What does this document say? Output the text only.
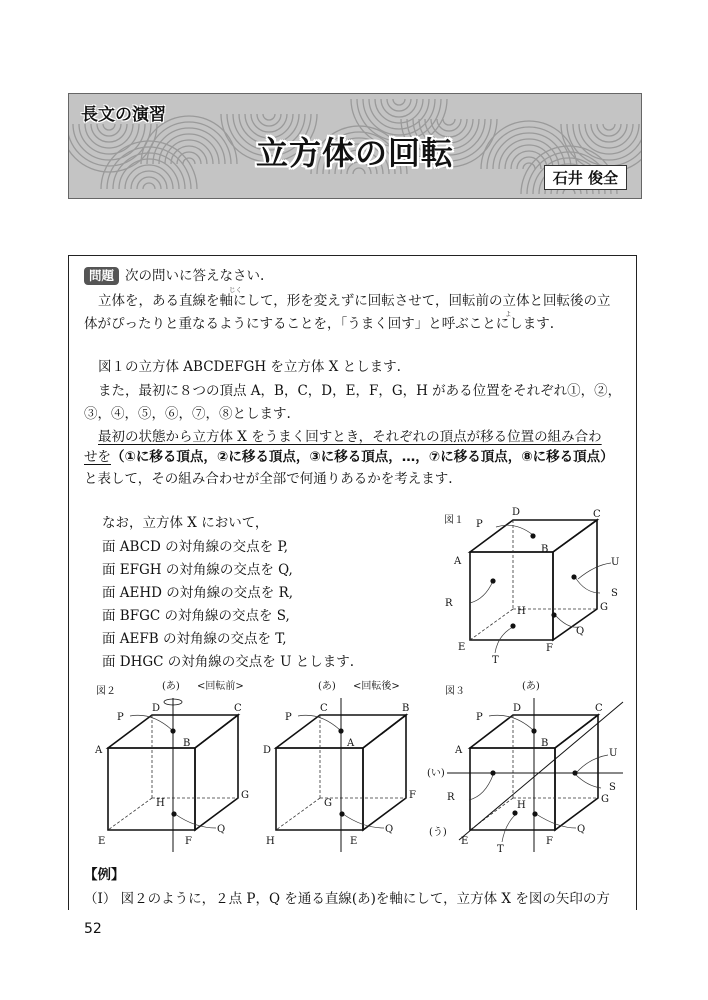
長文の演習
立方体の回転
石井 俊全
問題 次の問いに答えなさい.
じく
よ
立体を，ある直線を軸にして，形を変えずに回転させて，回転前の立体と回転後の立
体がぴったりと重なるようにすることを，「うまく回す」と呼ぶことにします.
図１の立方体 ABCDEFGH を立方体 X とします.
また，最初に８つの頂点 A，B，C，D，E，F，G，H がある位置をそれぞれ①，②，
③，④，⑤，⑥，⑦，⑧とします.
最初の状態から立方体 X をうまく回すとき，それぞれの頂点が移る位置の組み合わ
せを（①に移る頂点，②に移る頂点，③に移る頂点，…，⑦に移る頂点，⑧に移る頂点）
と表して，その組み合わせが全部で何通りあるかを考えます.
なお，立方体 X において，
面 ABCD の対角線の交点を P,
面 EFGH の対角線の交点を Q,
面 AEHD の対角線の交点を R,
面 BFGC の対角線の交点を S,
面 AEFB の対角線の交点を T,
面 DHGC の対角線の交点を U とします.
図１
D	C
B
A
H	G
E	F
P
U
S
R
Q
T
図２	(あ) <回転前>
D	C
B
A
H
G
E	F
P
Q
(あ) <回転後>
C	B
A
D
G
F
H	E
P
Q
図３	(あ)
(い)
(う)
D	C
B
A
H
G
E	F
P
U
S
R
Q
T
【例】
（Ⅰ） 図２のように，２点 P，Q を通る直線(あ)を軸にして，立方体 X を図の矢印の方
52
